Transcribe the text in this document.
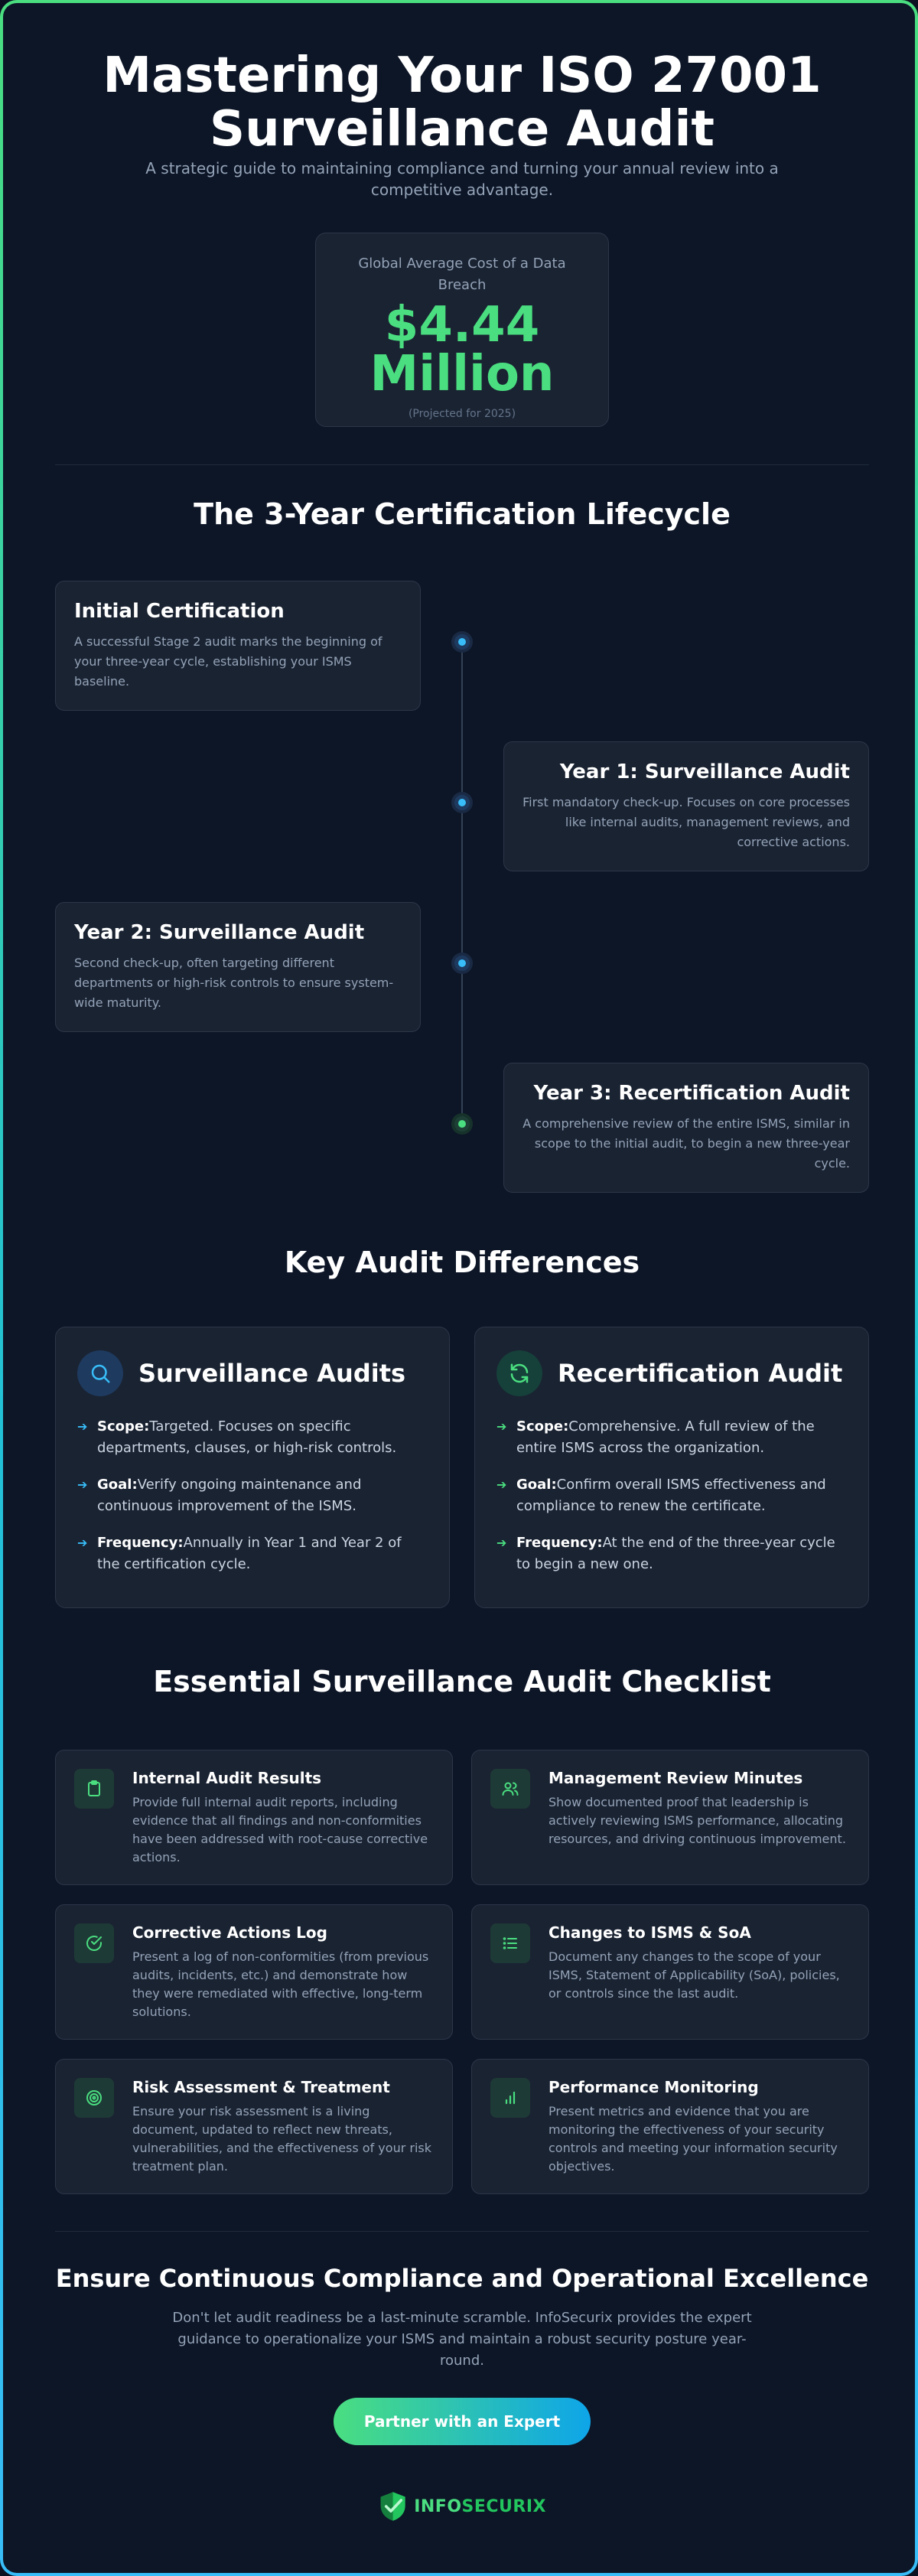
Mastering Your ISO 27001
Surveillance Audit

A strategic guide to maintaining compliance and turning your annual review into a competitive advantage.

Global Average Cost of a Data Breach
$4.44
Million
(Projected for 2025)
The 3-Year Certification Lifecycle
Initial Certification

A successful Stage 2 audit marks the beginning of your three-year cycle, establishing your ISMS baseline.

Year 1: Surveillance Audit

First mandatory check-up. Focuses on core processes like internal audits, management reviews, and corrective actions.

Year 2: Surveillance Audit

Second check-up, often targeting different departments or high-risk controls to ensure system-wide maturity.

Year 3: Recertification Audit

A comprehensive review of the entire ISMS, similar in scope to the initial audit, to begin a new three-year cycle.

Key Audit Differences
Surveillance Audits
➔ Scope:Targeted. Focuses on specific departments, clauses, or high-risk controls.
➔ Goal:Verify ongoing maintenance and continuous improvement of the ISMS.
➔ Frequency:Annually in Year 1 and Year 2 of the certification cycle.
Recertification Audit
➔ Scope:Comprehensive. A full review of the entire ISMS across the organization.
➔ Goal:Confirm overall ISMS effectiveness and compliance to renew the certificate.
➔ Frequency:At the end of the three-year cycle to begin a new one.
Essential Surveillance Audit Checklist
Internal Audit Results

Provide full internal audit reports, including evidence that all findings and non-conformities have been addressed with root-cause corrective actions.

Management Review Minutes

Show documented proof that leadership is actively reviewing ISMS performance, allocating resources, and driving continuous improvement.

Corrective Actions Log

Present a log of non-conformities (from previous audits, incidents, etc.) and demonstrate how they were remediated with effective, long-term solutions.

Changes to ISMS & SoA

Document any changes to the scope of your ISMS, Statement of Applicability (SoA), policies, or controls since the last audit.

Risk Assessment & Treatment

Ensure your risk assessment is a living document, updated to reflect new threats, vulnerabilities, and the effectiveness of your risk treatment plan.

Performance Monitoring

Present metrics and evidence that you are monitoring the effectiveness of your security controls and meeting your information security objectives.

Ensure Continuous Compliance and Operational Excellence

Don't let audit readiness be a last-minute scramble. InfoSecurix provides the expert guidance to operationalize your ISMS and maintain a robust security posture year-round.

Partner with an Expert
INFOSECURIX
